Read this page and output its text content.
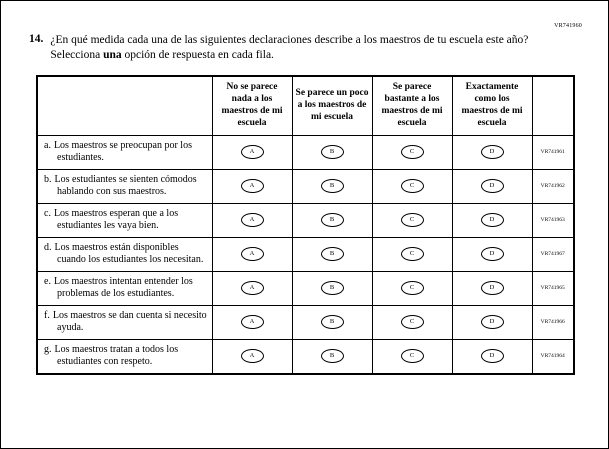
VR741960
14. ¿En qué medida cada una de las siguientes declaraciones describe a los maestros de tu escuela este año? Selecciona una opción de respuesta en cada fila.
	No se parece nada a los maestros de mi escuela	Se parece un poco a los maestros de mi escuela	Se parece bastante a los maestros de mi escuela	Exactamente como los maestros de mi escuela	

a. Los maestros se preocupan por los estudiantes.	A	B	C	D	VR741961

b. Los estudiantes se sienten cómodos hablando con sus maestros.	A	B	C	D	VR741962

c. Los maestros esperan que a los estudiantes les vaya bien.	A	B	C	D	VR741963

d. Los maestros están disponibles cuando los estudiantes los necesitan.	A	B	C	D	VR741967

e. Los maestros intentan entender los problemas de los estudiantes.	A	B	C	D	VR741965

f. Los maestros se dan cuenta si necesito ayuda.	A	B	C	D	VR741966

g. Los maestros tratan a todos los estudiantes con respeto.	A	B	C	D	VR741964
